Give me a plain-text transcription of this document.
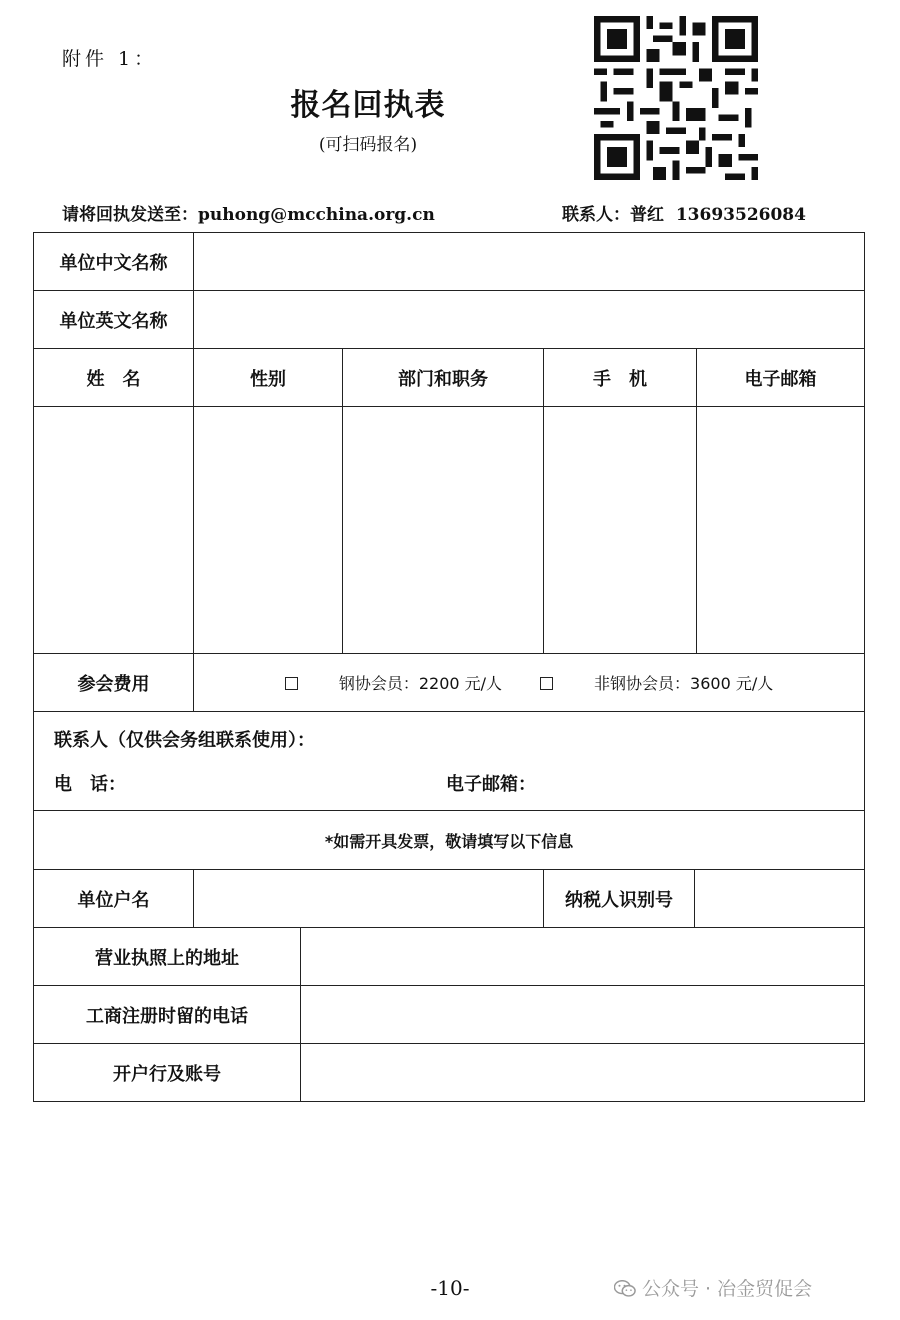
附件 1：
报名回执表
(可扫码报名)
请将回执发送至：puhong@mcchina.org.cn	联系人：普红 13693526084
单位中文名称						
单位英文名称						
姓　名	性别		部门和职务	手　机		电子邮箱

参会费用	钢协会员：2200 元/人 非钢协会员：3600 元/人					

联系人（仅供会务组联系使用）：
电　话： 电子邮箱：						

*如需开具发票，敬请填写以下信息						
单位户名				纳税人识别号		
营业执照上的地址						
工商注册时留的电话						
开户行及账号						
-10-	公众号 · 冶金贸促会
